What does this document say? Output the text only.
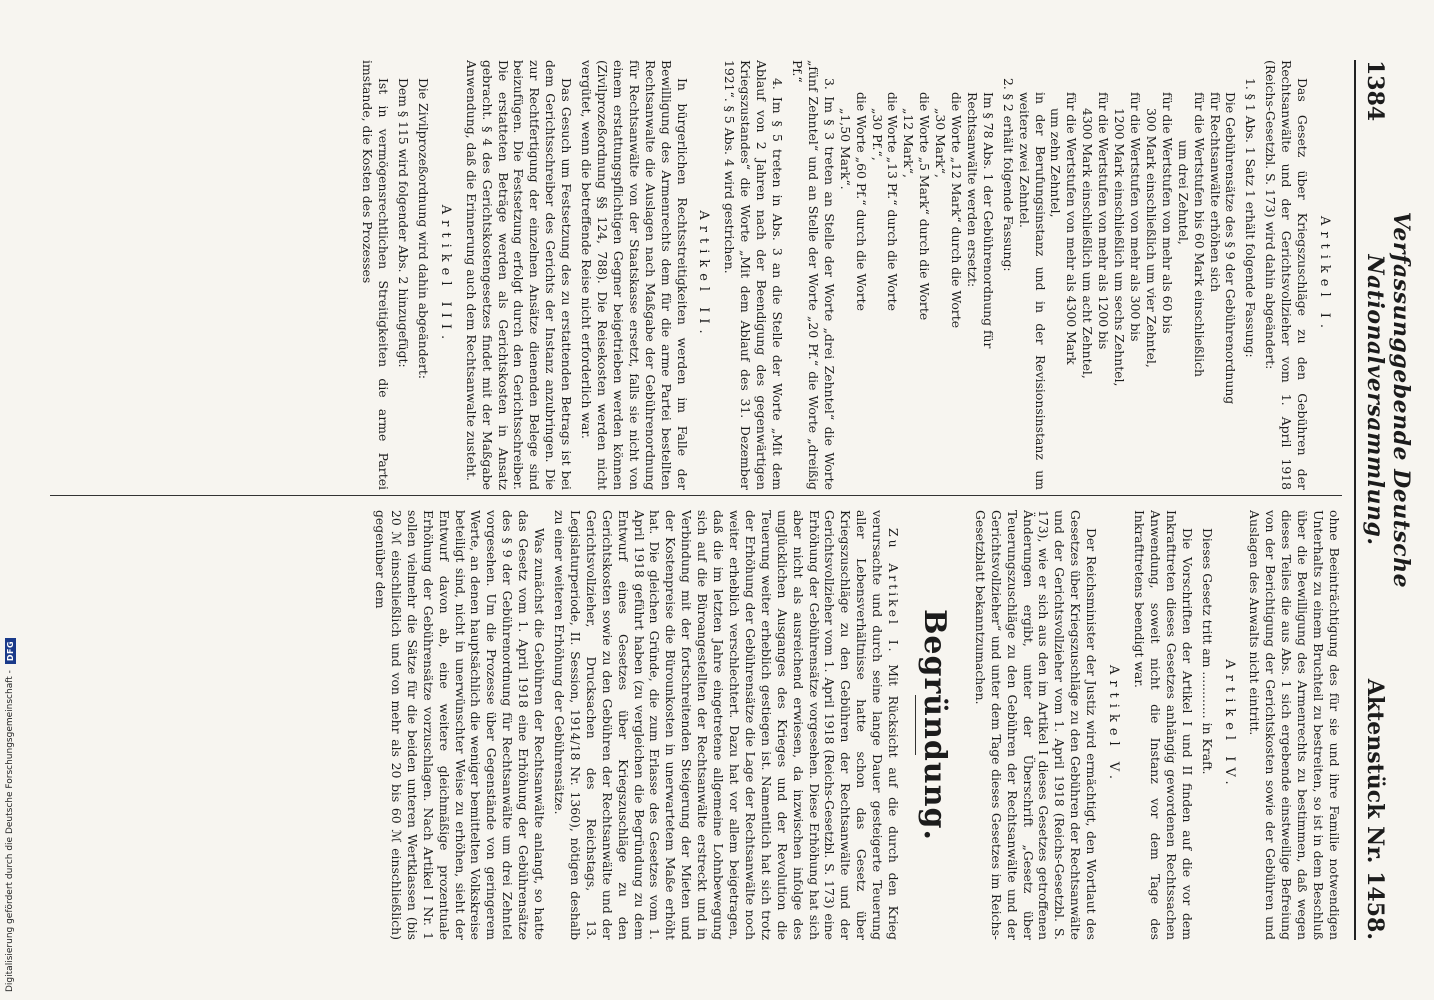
1384
Verfassunggebende Deutsche Nationalversammlung.
Aktenstück Nr. 1458.
Artikel I.

Das Gesetz über Kriegszuschläge zu den Gebühren der Rechtsanwälte und der Gerichtsvollzieher vom 1. April 1918 (Reichs-Gesetzbl. S. 173) wird dahin abgeändert:

1. § 1 Abs. 1 Satz 1 erhält folgende Fassung:

Die Gebührensätze des § 9 der Gebührenordnung

für Rechtsanwälte erhöhen sich

für die Wertstufen bis 60 Mark einschließlich

um drei Zehntel,

für die Wertstufen von mehr als 60 bis

300 Mark einschließlich um vier Zehntel,

für die Wertstufen von mehr als 300 bis

1200 Mark einschließlich um sechs Zehntel,

für die Wertstufen von mehr als 1200 bis

4300 Mark einschließlich um acht Zehntel,

für die Wertstufen von mehr als 4300 Mark

um zehn Zehntel,

in der Berufungsinstanz und in der Revisionsinstanz um weitere zwei Zehntel.

2. § 2 erhält folgende Fassung:

Im § 78 Abs. 1 der Gebührenordnung für

Rechtsanwälte werden ersetzt:

die Worte „12 Mark“ durch die Worte

„30 Mark“,

die Worte „5 Mark“ durch die Worte

„12 Mark“,

die Worte „13 Pf.“ durch die Worte

„30 Pf.“,

die Worte „60 Pf.“ durch die Worte

„1,50 Mark“.

3. Im § 3 treten an Stelle der Worte „drei Zehntel“ die Worte „fünf Zehntel“ und an Stelle der Worte „20 Pf.“ die Worte „dreißig Pf.“

4. Im § 5 treten in Abs. 3 an die Stelle der Worte „Mit dem Ablauf von 2 Jahren nach der Beendigung des gegenwärtigen Kriegszustandes“ die Worte „Mit dem Ablauf des 31. Dezember 1921“. § 5 Abs. 4 wird gestrichen.

Artikel II.

In bürgerlichen Rechtsstreitigkeiten werden im Falle der Bewilligung des Armenrechts dem für die arme Partei bestellten Rechtsanwalte die Auslagen nach Maßgabe der Gebührenordnung für Rechtsanwälte von der Staatskasse ersetzt, falls sie nicht von einem erstattungspflichtigen Gegner beigetrieben werden können (Zivilprozeßordnung §§ 124, 788). Die Reisekosten werden nicht vergütet, wenn die betreffende Reise nicht erforderlich war.

Das Gesuch um Festsetzung des zu erstattenden Betrags ist bei dem Gerichtsschreiber des Gerichts der Instanz anzubringen. Die zur Rechtfertigung der einzelnen Ansätze dienenden Belege sind beizufügen. Die Festsetzung erfolgt durch den Gerichtsschreiber. Die erstatteten Beträge werden als Gerichtskosten in Ansatz gebracht. § 4 des Gerichtskostengesetzes findet mit der Maßgabe Anwendung, daß die Erinnerung auch dem Rechtsanwalte zusteht.

Artikel III.

Die Zivilprozeßordnung wird dahin abgeändert:

Dem § 115 wird folgender Abs. 2 hinzugefügt:

Ist in vermögensrechtlichen Streitigkeiten die arme Partei imstande, die Kosten des Prozesses

ohne Beeinträchtigung des für sie und ihre Familie notwendigen Unterhalts zu einem Bruchteil zu bestreiten, so ist in dem Beschluß über die Bewilligung des Armenrechts zu bestimmen, daß wegen dieses Teiles die aus Abs. 1 sich ergebende einstweilige Befreiung von der Berichtigung der Gerichtskosten sowie der Gebühren und Auslagen des Anwalts nicht eintritt.

Artikel IV.

Dieses Gesetz tritt am ............ in Kraft.

Die Vorschriften der Artikel I und II finden auf die vor dem Inkrafttreten dieses Gesetzes anhängig gewordenen Rechtssachen Anwendung, soweit nicht die Instanz vor dem Tage des Inkrafttretens beendigt war.

Artikel V.

Der Reichsminister der Justiz wird ermächtigt, den Wortlaut des Gesetzes über Kriegszuschläge zu den Gebühren der Rechtsanwälte und der Gerichtsvollzieher vom 1. April 1918 (Reichs-Gesetzbl. S. 173), wie er sich aus den im Artikel I dieses Gesetzes getroffenen Änderungen ergibt, unter der Überschrift „Gesetz über Teuerungszuschläge zu den Gebühren der Rechtsanwälte und der Gerichtsvollzieher“ und unter dem Tage dieses Gesetzes im Reichs-Gesetzblatt bekanntzumachen.

Begründung.

Zu Artikel I. Mit Rücksicht auf die durch den Krieg verursachte und durch seine lange Dauer gesteigerte Teuerung aller Lebensverhältnisse hatte schon das Gesetz über Kriegszuschläge zu den Gebühren der Rechtsanwälte und der Gerichtsvollzieher vom 1. April 1918 (Reichs-Gesetzbl. S. 173) eine Erhöhung der Gebührensätze vorgesehen. Diese Erhöhung hat sich aber nicht als ausreichend erwiesen, da inzwischen infolge des unglücklichen Ausganges des Krieges und der Revolution die Teuerung weiter erheblich gestiegen ist. Namentlich hat sich trotz der Erhöhung der Gebührensätze die Lage der Rechtsanwälte noch weiter erheblich verschlechtert. Dazu hat vor allem beigetragen, daß die im letzten Jahre eingetretene allgemeine Lohnbewegung sich auf die Büroangestellten der Rechtsanwälte erstreckt und in Verbindung mit der fortschreitenden Steigerung der Mieten und der Kostenpreise die Bürounkosten in unerwartetem Maße erhöht hat. Die gleichen Gründe, die zum Erlasse des Gesetzes vom 1. April 1918 geführt haben (zu vergleichen die Begründung zu dem Entwurf eines Gesetzes über Kriegszuschläge zu den Gerichtskosten sowie zu den Gebühren der Rechtsanwälte und der Gerichtsvollzieher, Drucksachen des Reichstags, 13. Legislaturperiode, II. Session, 1914/18 Nr. 1360), nötigen deshalb zu einer weiteren Erhöhung der Gebührensätze.

Was zunächst die Gebühren der Rechtsanwälte anlangt, so hatte das Gesetz vom 1. April 1918 eine Erhöhung der Gebührensätze des § 9 der Gebührenordnung für Rechtsanwälte um drei Zehntel vorgesehen. Um die Prozesse über Gegenstände von geringerem Werte, an denen hauptsächlich die weniger bemittelten Volkskreise beteiligt sind, nicht in unerwünschter Weise zu erhöhen, sieht der Entwurf davon ab, eine weitere gleichmäßige prozentuale Erhöhung der Gebührensätze vorzuschlagen. Nach Artikel I Nr. 1 sollen vielmehr die Sätze für die beiden unteren Wertklassen (bis 20 ℳ einschließlich und von mehr als 20 bis 60 ℳ einschließlich) gegenüber dem

Digitalisierung gefördert durch die Deutsche Forschungsgemeinschaft -
DFG
